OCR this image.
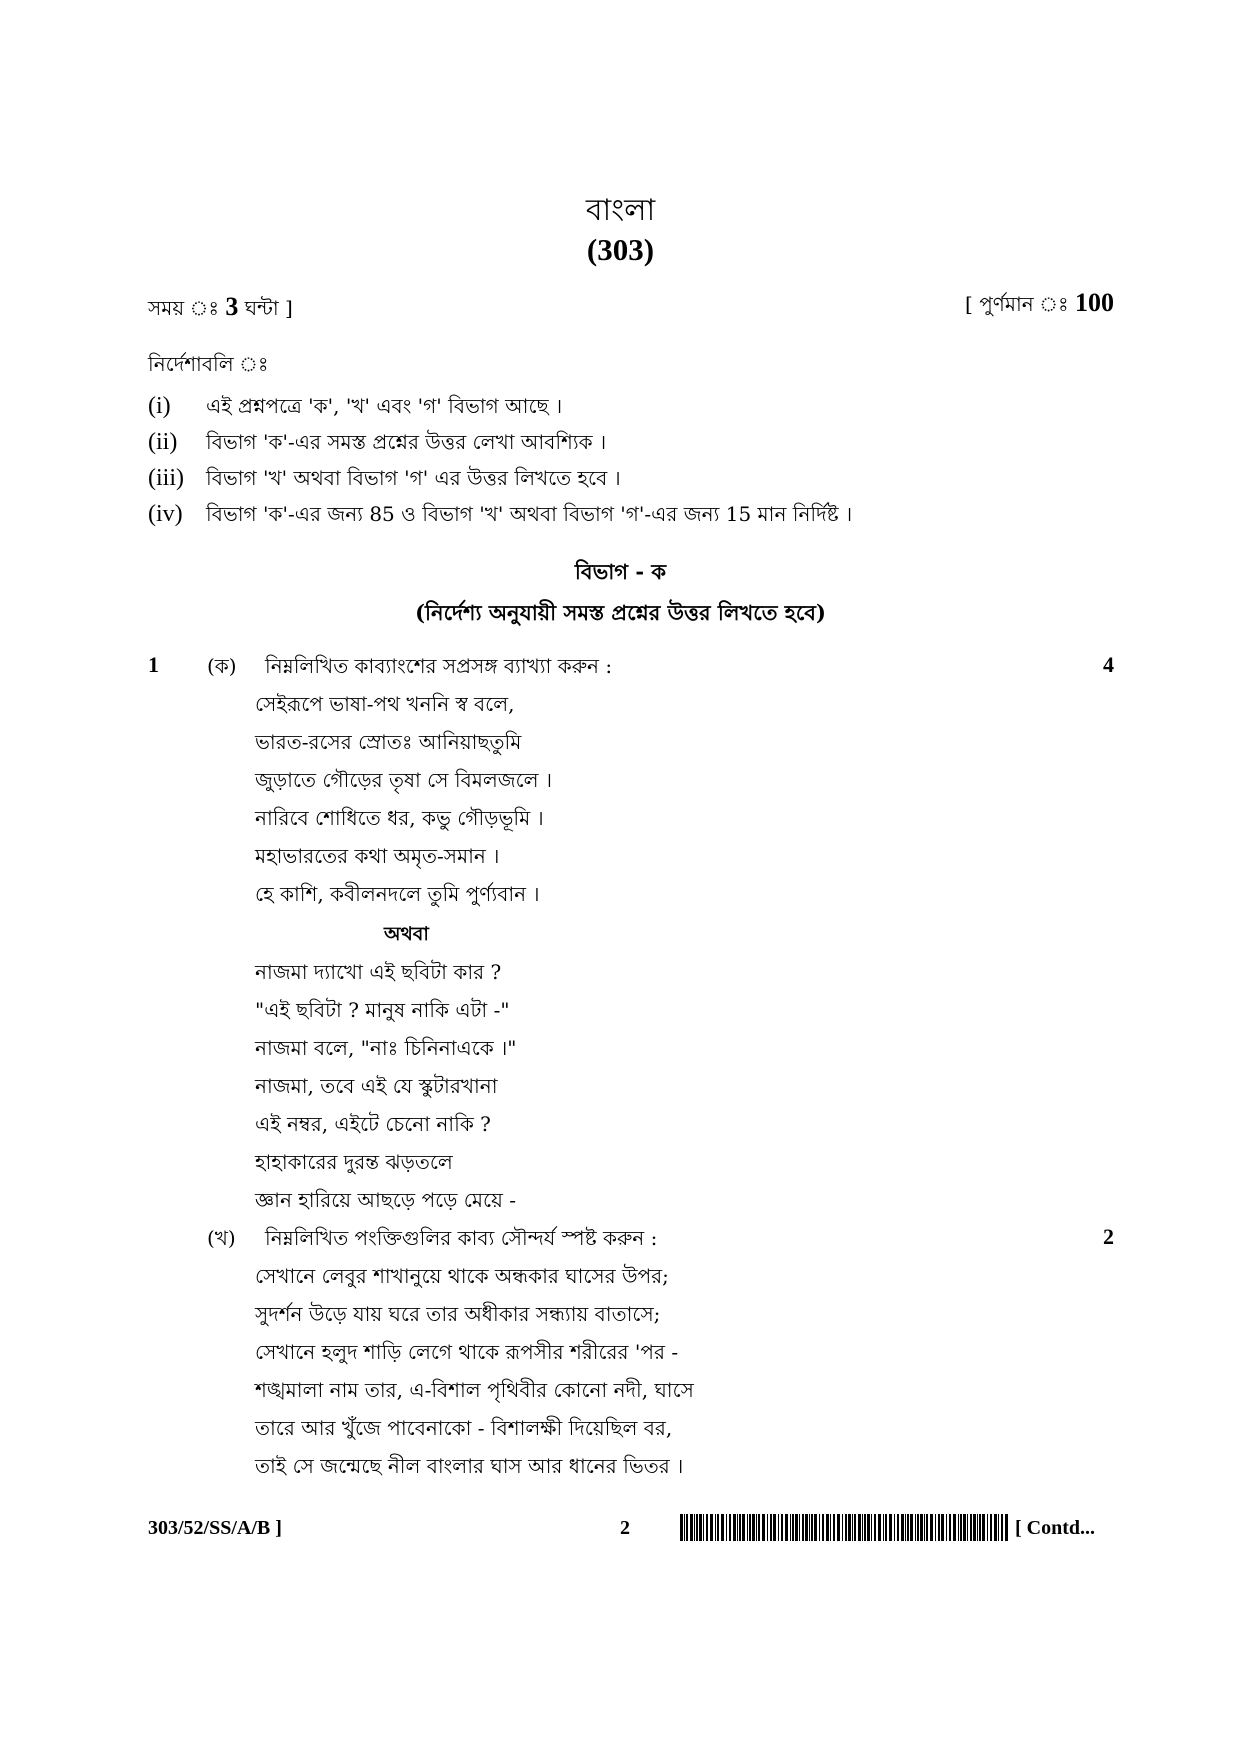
বাংলা
(303)
সময় ঃ 3 ঘন্টা ]	[ পুর্ণমান ঃ 100
নির্দেশাবলি ঃ
(i) এই প্রশ্নপত্রে 'ক', 'খ' এবং 'গ' বিভাগ আছে ।
(ii) বিভাগ 'ক'-এর সমস্ত প্রশ্নের উত্তর লেখা আবশ্যিক ।
(iii) বিভাগ 'খ' অথবা বিভাগ 'গ' এর উত্তর লিখতে হবে ।
(iv) বিভাগ 'ক'-এর জন্য 85 ও বিভাগ 'খ' অথবা বিভাগ 'গ'-এর জন্য 15 মান নির্দিষ্ট ।
বিভাগ - ক
(নির্দেশ্য অনুযায়ী সমস্ত প্রশ্নের উত্তর লিখতে হবে)
1 (ক) নিম্নলিখিত কাব্যাংশের সপ্রসঙ্গ ব্যাখ্যা করুন :	4
সেইরূপে ভাষা-পথ খননি স্ব বলে,
ভারত-রসের স্রোতঃ আনিয়াছতুমি
জুড়াতে গৌড়ের তৃষা সে বিমলজলে ।
নারিবে শোধিতে ধর, কভু গৌড়ভূমি ।
মহাভারতের কথা অমৃত-সমান ।
হে কাশি, কবীলনদলে তুমি পুর্ণ্যবান ।
অথবা
নাজমা দ্যাখো এই ছবিটা কার ?
"এই ছবিটা ? মানুষ নাকি এটা -"
নাজমা বলে, "নাঃ চিনিনাএকে ।"
নাজমা, তবে এই যে স্কুটারখানা
এই নম্বর, এইটে চেনো নাকি ?
হাহাকারের দুরন্ত ঝড়তলে
জ্ঞান হারিয়ে আছড়ে পড়ে মেয়ে -
(খ) নিম্নলিখিত পংক্তিগুলির কাব্য সৌন্দর্য স্পষ্ট করুন :	2
সেখানে লেবুর শাখানুয়ে থাকে অন্ধকার ঘাসের উপর;
সুদর্শন উড়ে যায় ঘরে তার অধীকার সন্ধ্যায় বাতাসে;
সেখানে হলুদ শাড়ি লেগে থাকে রূপসীর শরীরের 'পর -
শঙ্খমালা নাম তার, এ-বিশাল পৃথিবীর কোনো নদী, ঘাসে
তারে আর খুঁজে পাবেনাকো - বিশালক্ষী দিয়েছিল বর,
তাই সে জন্মেছে নীল বাংলার ঘাস আর ধানের ভিতর ।
303/52/SS/A/B ]	2	[ Contd...
